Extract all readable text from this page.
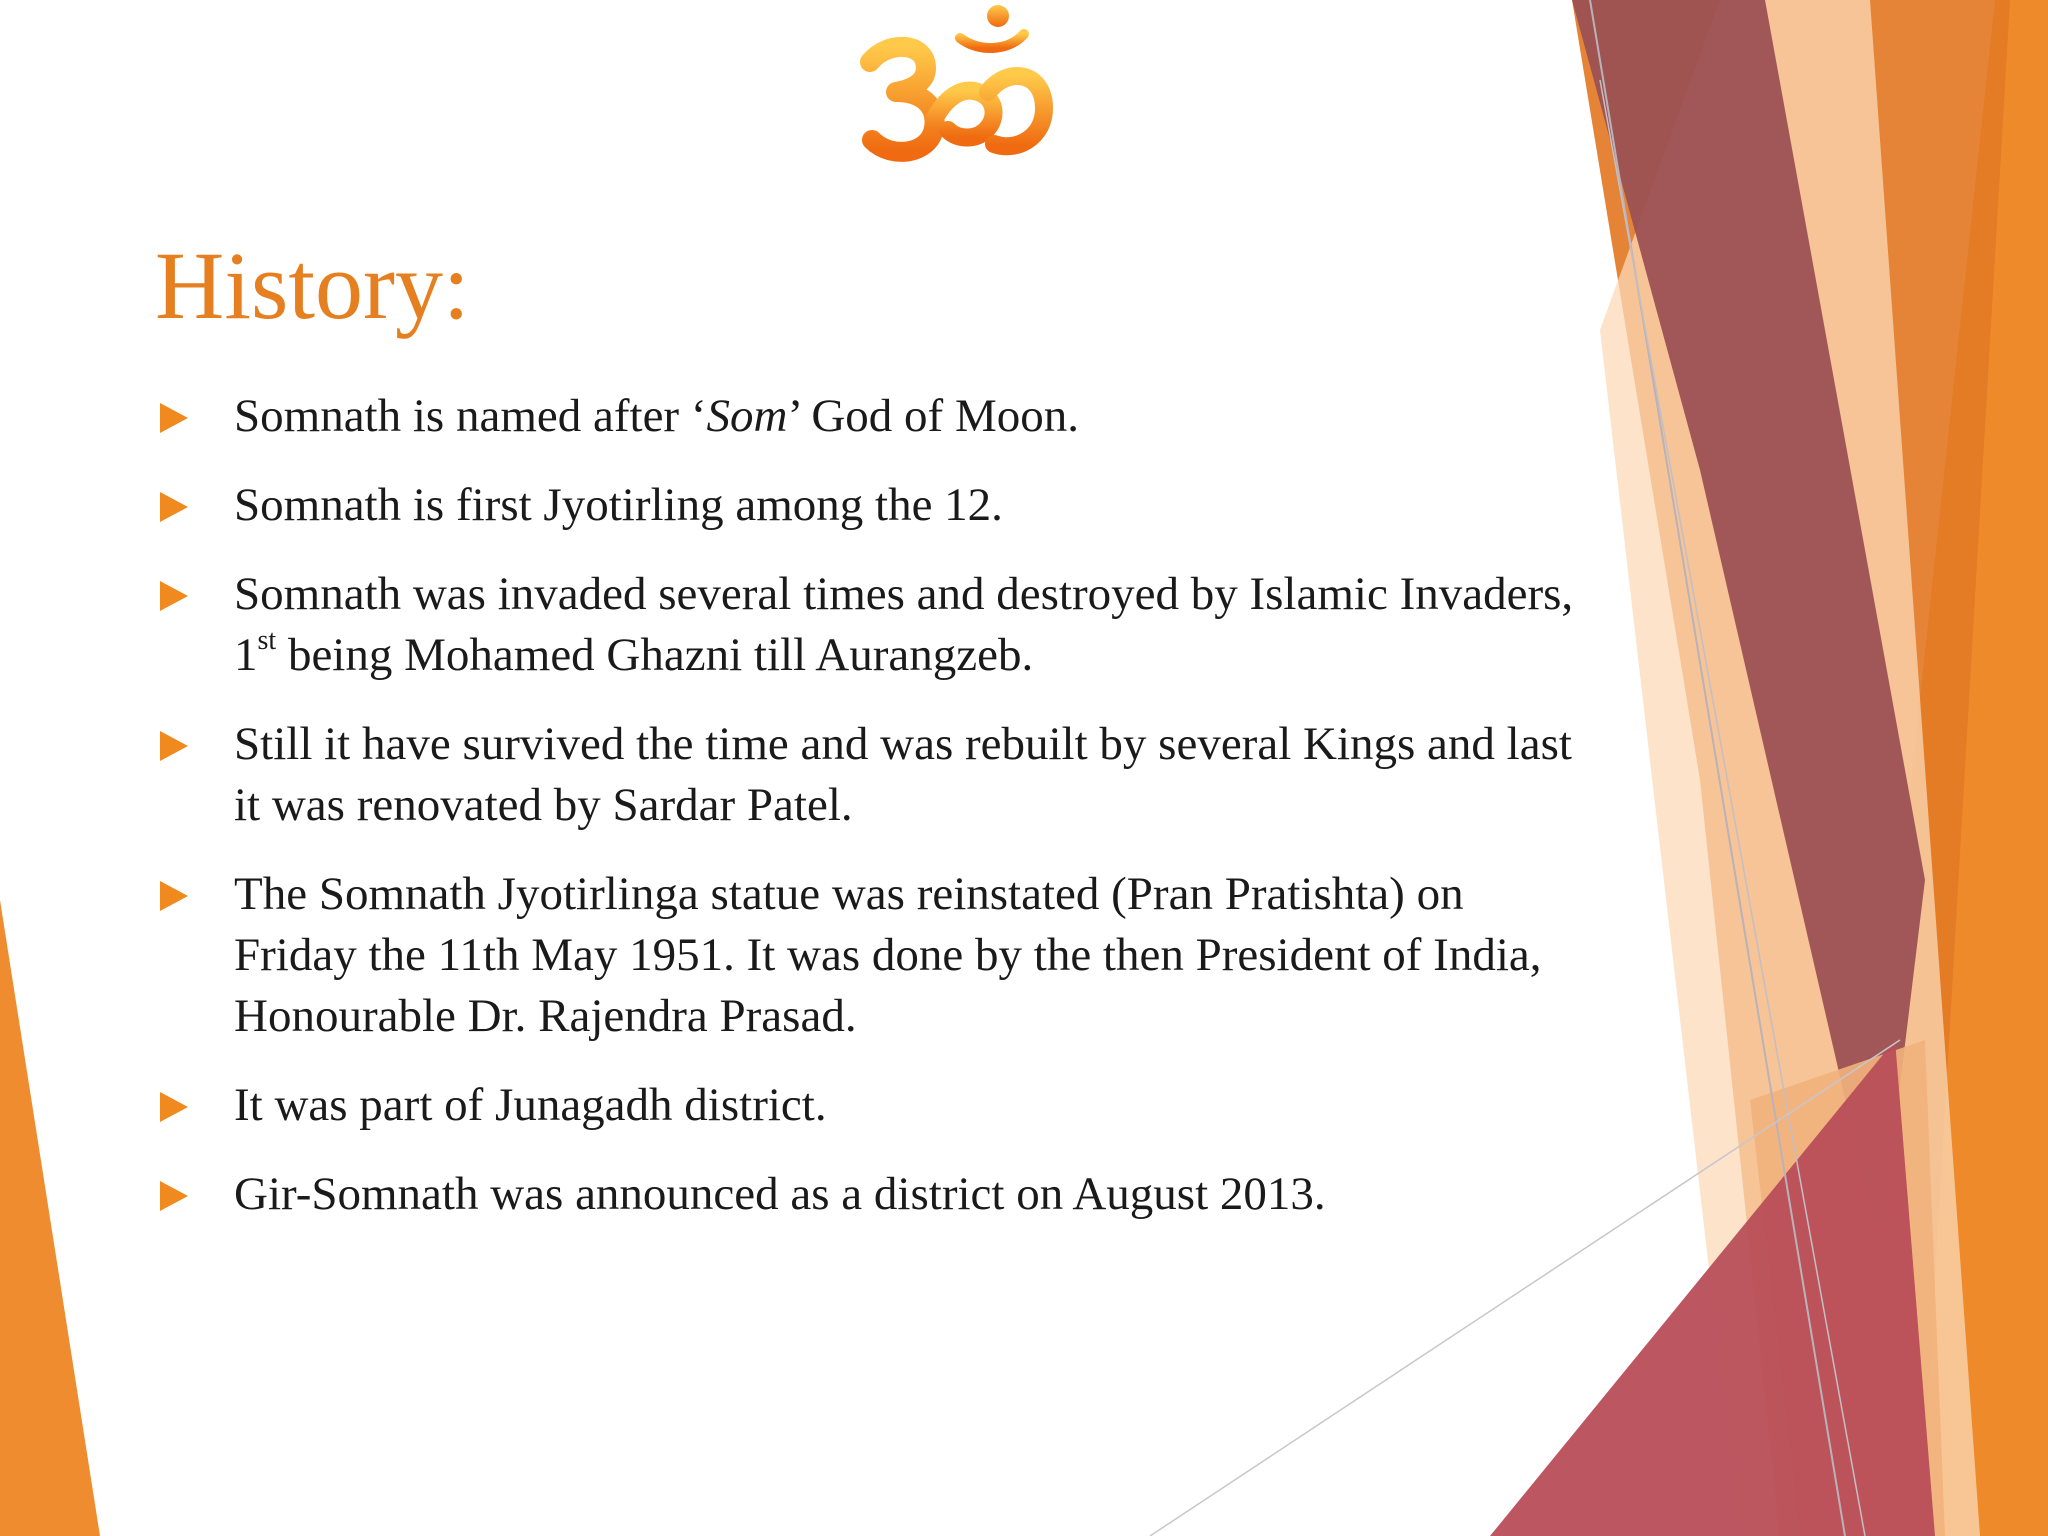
History:
Somnath is named after ‘Som’ God of Moon.
Somnath is first Jyotirling among the 12.
Somnath was invaded several times and destroyed by Islamic Invaders, 1st being Mohamed Ghazni till Aurangzeb.
Still it have survived the time and was rebuilt by several Kings and last it was renovated by Sardar Patel.
The Somnath Jyotirlinga statue was reinstated (Pran Pratishta) on Friday the 11th May 1951. It was done by the then President of India, Honourable Dr. Rajendra Prasad.
It was part of Junagadh district.
Gir-Somnath was announced as a district on August 2013.
